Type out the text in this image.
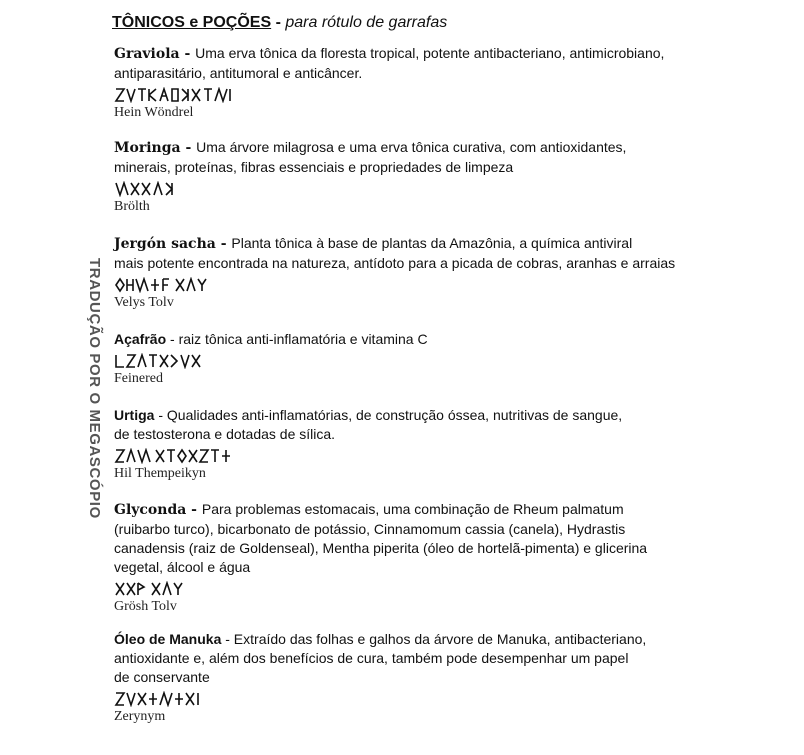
TÔNICOS e POÇÕES - para rótulo de garrafas
TRADUÇÃO POR O MEGASCÓPIO

Graviola - Uma erva tônica da floresta tropical, potente antibacteriano, antimicrobiano,
antiparasitário, antitumoral e anticâncer.

Hein Wöndrel

Moringa - Uma árvore milagrosa e uma erva tônica curativa, com antioxidantes,
minerais, proteínas, fibras essenciais e propriedades de limpeza

Brölth

Jergón sacha - Planta tônica à base de plantas da Amazônia, a química antiviral
mais potente encontrada na natureza, antídoto para a picada de cobras, aranhas e arraias

Velys Tolv

Açafrão - raiz tônica anti-inflamatória e vitamina C

Feinered

Urtiga - Qualidades anti-inflamatórias, de construção óssea, nutritivas de sangue,
de testosterona e dotadas de sílica.

Hil Thempeikyn

Glyconda - Para problemas estomacais, uma combinação de Rheum palmatum
(ruibarbo turco), bicarbonato de potássio, Cinnamomum cassia (canela), Hydrastis
canadensis (raiz de Goldenseal), Mentha piperita (óleo de hortelã-pimenta) e glicerina
vegetal, álcool e água

Grösh Tolv

Óleo de Manuka - Extraído das folhas e galhos da árvore de Manuka, antibacteriano,
antioxidante e, além dos benefícios de cura, também pode desempenhar um papel
de conservante

Zerynym
